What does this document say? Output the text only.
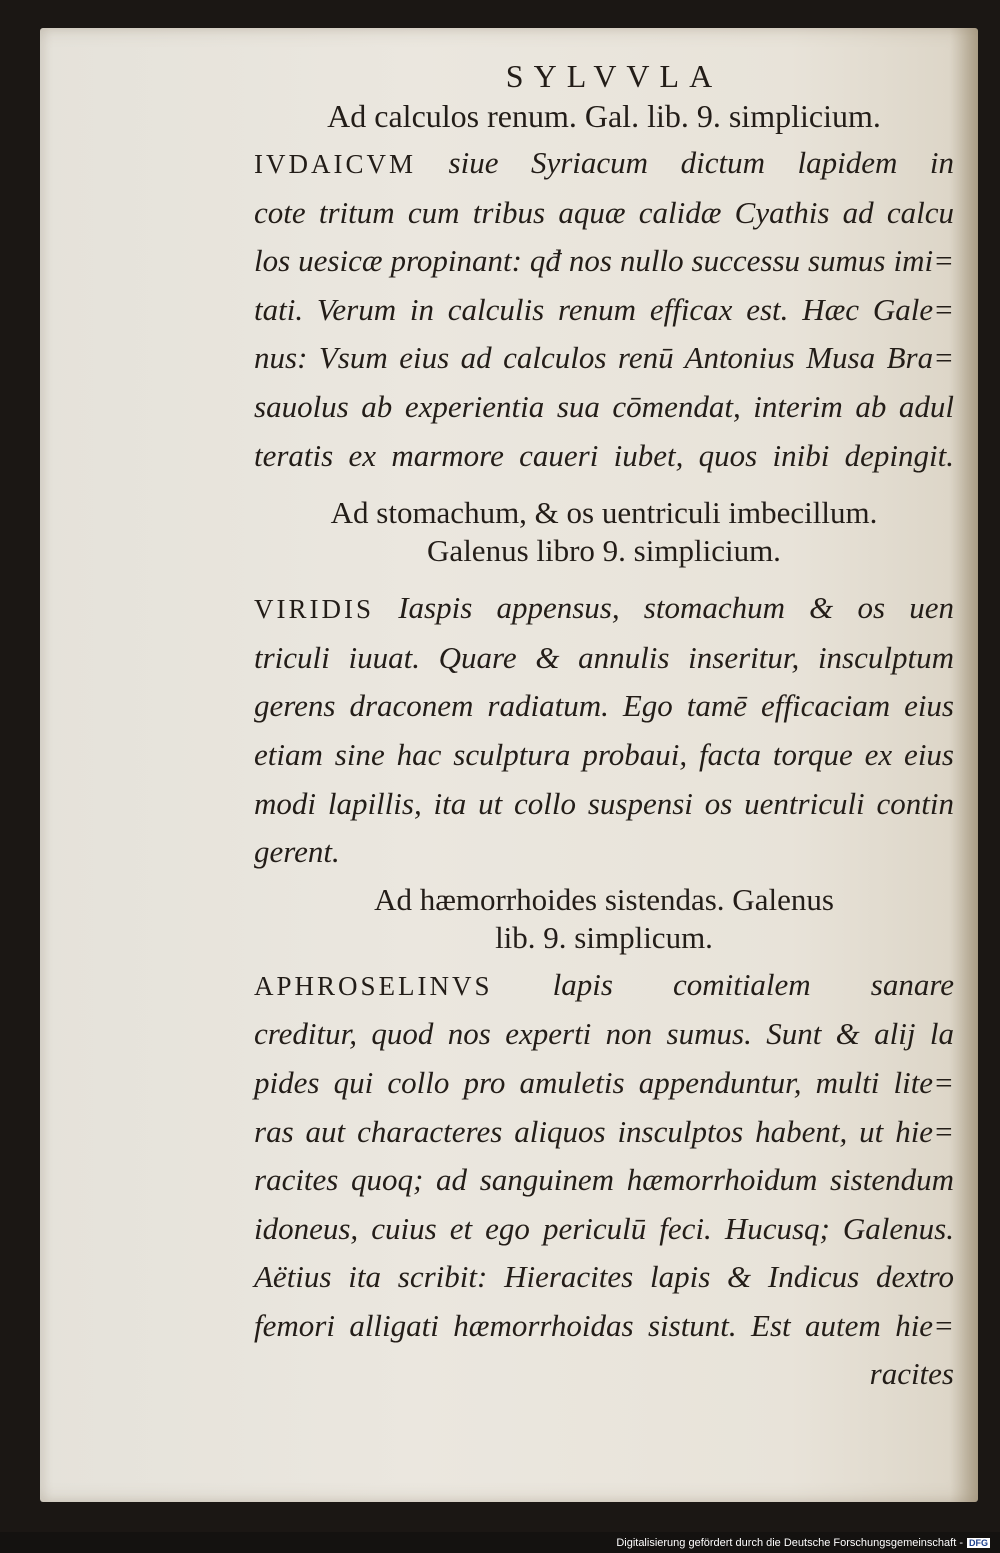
SYLVVLA
Ad calculos renum. Gal. lib. 9. simplicium.
IVDAICVM siue Syriacum dictum lapidem in
cote tritum cum tribus aquæ calidæ Cyathis ad calcu
los uesicæ propinant: qđ nos nullo successu sumus imi=
tati. Verum in calculis renum efficax est. Hæc Gale=
nus: Vsum eius ad calculos renū Antonius Musa Bra=
sauolus ab experientia sua cōmendat, interim ab adul
teratis ex marmore caueri iubet, quos inibi depingit.
Ad stomachum, & os uentriculi imbecillum.
Galenus libro 9. simplicium.
VIRIDIS Iaspis appensus, stomachum & os uen
triculi iuuat. Quare & annulis inseritur, insculptum
gerens draconem radiatum. Ego tamē efficaciam eius
etiam sine hac sculptura probaui, facta torque ex eius
modi lapillis, ita ut collo suspensi os uentriculi contin
gerent.
Ad hæmorrhoides sistendas. Galenus
lib. 9. simplicum.
APHROSELINVS lapis comitialem sanare
creditur, quod nos experti non sumus. Sunt & alij la
pides qui collo pro amuletis appenduntur, multi lite=
ras aut characteres aliquos insculptos habent, ut hie=
racites quoq; ad sanguinem hæmorrhoidum sistendum
idoneus, cuius et ego periculū feci. Hucusq; Galenus.
Aëtius ita scribit: Hieracites lapis & Indicus dextro
femori alligati hæmorrhoidas sistunt. Est autem hie=
racites
Digitalisierung gefördert durch die Deutsche Forschungsgemeinschaft - DFG
